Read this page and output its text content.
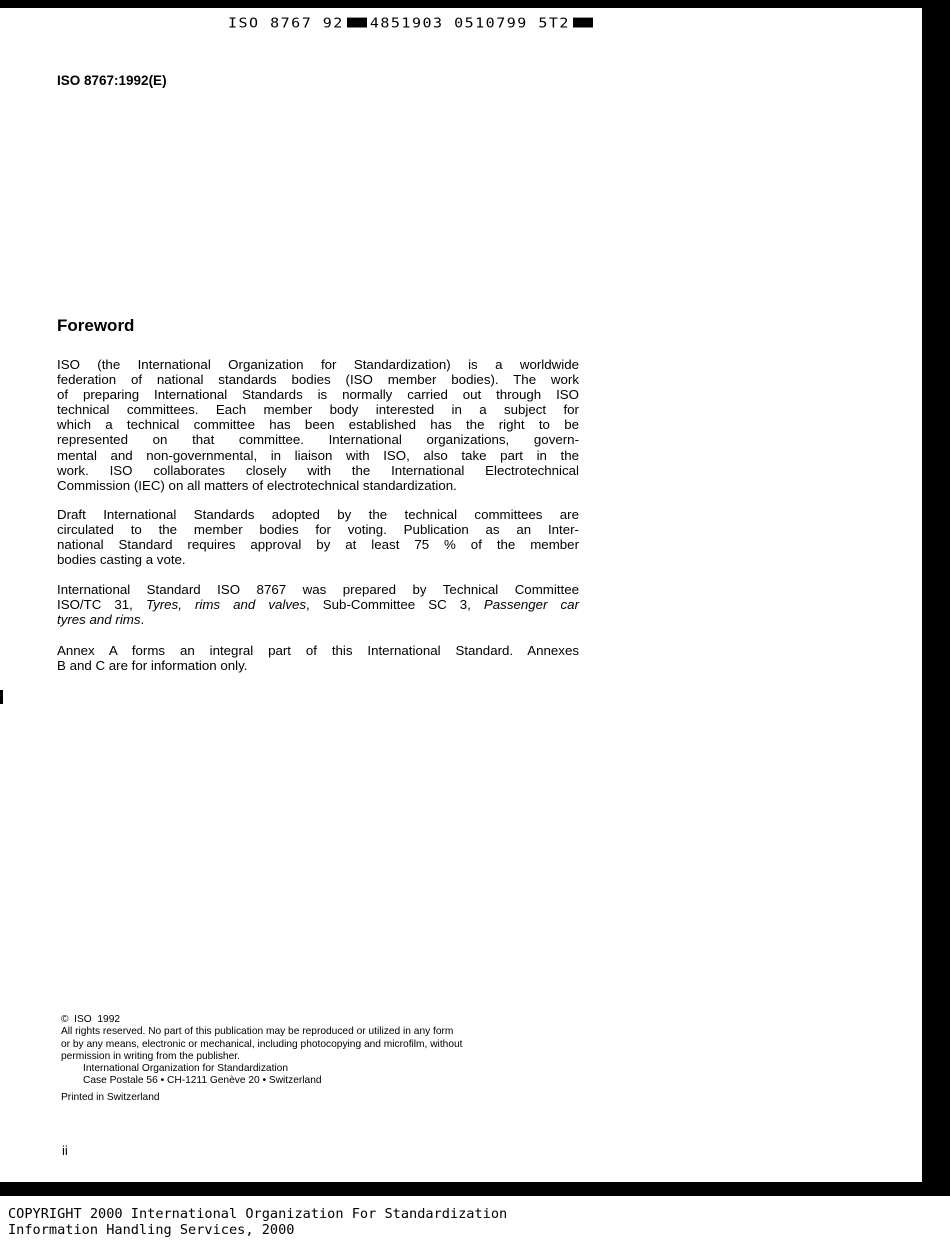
ISO 8767 92 4851903 0510799 5T2
ISO 8767:1992(E)
Foreword
ISO (the International Organization for Standardization) is a worldwide
federation of national standards bodies (ISO member bodies). The work
of preparing International Standards is normally carried out through ISO
technical committees. Each member body interested in a subject for
which a technical committee has been established has the right to be
represented on that committee. International organizations, govern-
mental and non-governmental, in liaison with ISO, also take part in the
work. ISO collaborates closely with the International Electrotechnical
Commission (IEC) on all matters of electrotechnical standardization.
Draft International Standards adopted by the technical committees are
circulated to the member bodies for voting. Publication as an Inter-
national Standard requires approval by at least 75 % of the member
bodies casting a vote.
International Standard ISO 8767 was prepared by Technical Committee
ISO/TC 31, Tyres, rims and valves, Sub-Committee SC 3, Passenger car
tyres and rims.
Annex A forms an integral part of this International Standard. Annexes
B and C are for information only.
©  ISO  1992
All rights reserved. No part of this publication may be reproduced or utilized in any form
or by any means, electronic or mechanical, including photocopying and microfilm, without
permission in writing from the publisher.
International Organization for Standardization
Case Postale 56 • CH-1211 Genève 20 • Switzerland
Printed in Switzerland
ii
COPYRIGHT 2000 International Organization For Standardization
Information Handling Services, 2000
